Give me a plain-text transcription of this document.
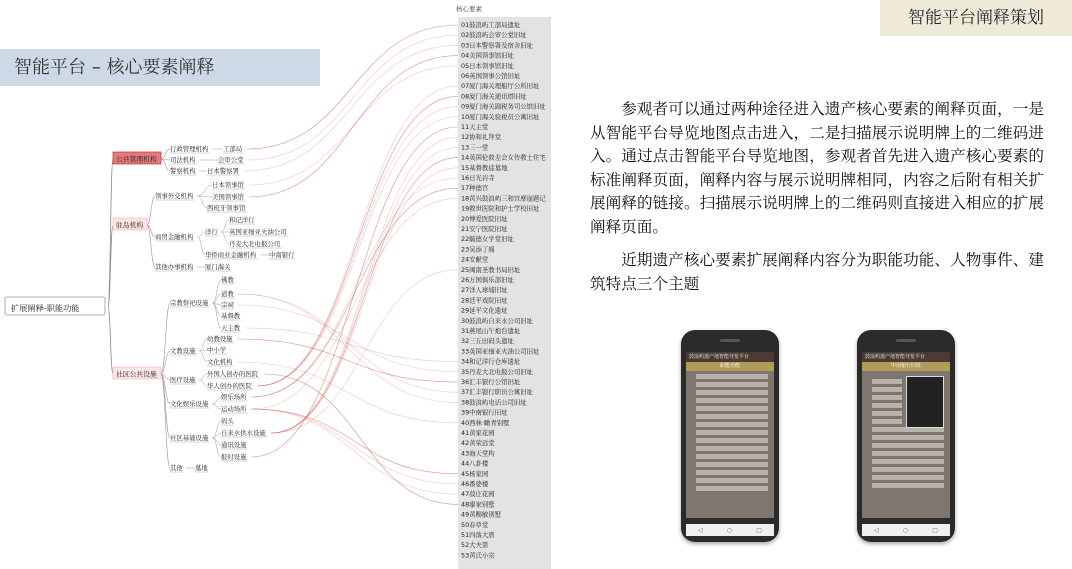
智能平台阐释策划
智能平台 – 核心要素阐释
核心要素
扩展阐释-职能功能
公共管理机构
驻岛机构
社区公共设施
行政管理机构
司法机构
警察机构
领事外交机构
商贸金融机构
其他办事机构
宗教祭祀设施
文教设施
医疗设施
文化娱乐设施
社区基础设施
其他
工部局
会审公堂
日本警察署
日本领事馆
美国领事馆
西班牙领事馆
洋行
华侨商业金融机构
厦门海关
佛教
道教
宗祠
基督教
天主教
幼教设施
中小学
文化机构
外国人创办的医院
华人创办的医院
娱乐场所
运动场所
码头
自来水供水设施
通讯设施
报时设施
墓地
和记洋行
英国亚细亚火油公司
丹麦大北电报公司
中南银行
01鼓浪屿工部局遗址
02鼓浪屿会审公堂旧址
03日本警察署及宿舍旧址
04美国领事馆旧址
05日本领事馆旧址
06英国领事公馆旧址
07厦门海关理船厅公所旧址
08厦门海关通讯塔旧址
09厦门海关副税务司公馆旧址
10厦门海关验税员公寓旧址
11天主堂
12协和礼拜堂
13三一堂
14英国伦敦差会女传教士住宅
15基督教徒墓地
16日光岩寺
17种德宫
18黄兴鼓浪屿三和宫摩崖题记
19救世医院和护士学校旧址
20博爱医院旧址
21安宁医院旧址
22毓德女学堂旧址
23吴添丁阁
24安献堂
25闽南圣教书局旧址
26万国俱乐部旧址
27洋人球埔旧址
28廷平戏院旧址
29延平文化遗址
30鼓浪屿自来水公司旧址
31燕尾山午炮台遗址
32三丘田码头遗址
33英国亚细亚火油公司旧址
34和记洋行仓库遗址
35丹麦大北电报公司旧址
36汇丰银行公馆旧址
37汇丰银行职员公寓旧址
38鼓浪屿电话公司旧址
39中南银行旧址
40西林·瞰青别墅
41黄家花园
42黄荣远堂
43海天堂构
44八卦楼
45杨家园
46番婆楼
47菽庄花园
48廖家别墅
49黄赐敏别墅
50春草堂
51四落大厝
52大夫第
53黄氏小宗

参观者可以通过两种途径进入遗产核心要素的阐释页面，一是从智能平台导览地图点击进入，二是扫描展示说明牌上的二维码进入。通过点击智能平台导览地图，参观者首先进入遗产核心要素的标准阐释页面，阐释内容与展示说明牌相同，内容之后附有相关扩展阐释的链接。扫描展示说明牌上的二维码则直接进入相应的扩展阐释页面。

近期遗产核心要素扩展阐释内容分为职能功能、人物事件、建筑特点三个主题

鼓浪屿遗产地智能导览平台
职能功能
◁	○	□
鼓浪屿遗产地智能导览平台
中南银行旧址
◁	○	□
